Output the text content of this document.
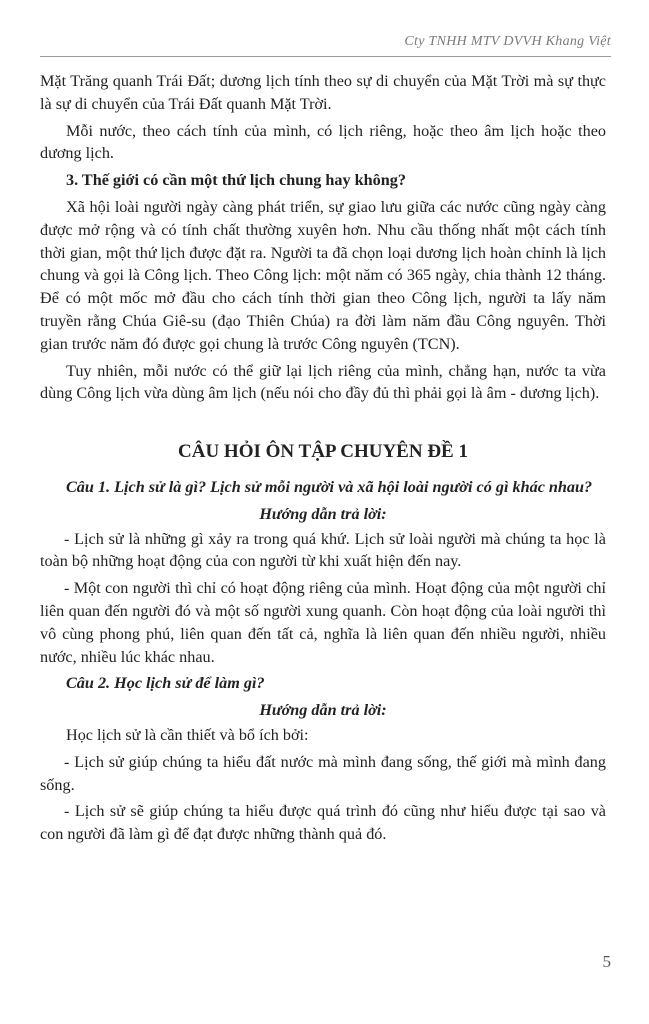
Cty TNHH MTV DVVH Khang Việt

Mặt Trăng quanh Trái Đất; dương lịch tính theo sự di chuyển của Mặt Trời mà sự thực là sự di chuyển của Trái Đất quanh Mặt Trời.

Mỗi nước, theo cách tính của mình, có lịch riêng, hoặc theo âm lịch hoặc theo dương lịch.

3. Thế giới có cần một thứ lịch chung hay không?

Xã hội loài người ngày càng phát triển, sự giao lưu giữa các nước cũng ngày càng được mở rộng và có tính chất thường xuyên hơn. Nhu cầu thống nhất một cách tính thời gian, một thứ lịch được đặt ra. Người ta đã chọn loại dương lịch hoàn chỉnh là lịch chung và gọi là Công lịch. Theo Công lịch: một năm có 365 ngày, chia thành 12 tháng. Để có một mốc mở đầu cho cách tính thời gian theo Công lịch, người ta lấy năm truyền rằng Chúa Giê-su (đạo Thiên Chúa) ra đời làm năm đầu Công nguyên. Thời gian trước năm đó được gọi chung là trước Công nguyên (TCN).

Tuy nhiên, mỗi nước có thể giữ lại lịch riêng của mình, chẳng hạn, nước ta vừa dùng Công lịch vừa dùng âm lịch (nếu nói cho đầy đủ thì phải gọi là âm - dương lịch).

CÂU HỎI ÔN TẬP CHUYÊN ĐỀ 1

Câu 1. Lịch sử là gì? Lịch sử mỗi người và xã hội loài người có gì khác nhau?

Hướng dẫn trả lời:

- Lịch sử là những gì xảy ra trong quá khứ. Lịch sử loài người mà chúng ta học là toàn bộ những hoạt động của con người từ khi xuất hiện đến nay.

- Một con người thì chỉ có hoạt động riêng của mình. Hoạt động của một người chỉ liên quan đến người đó và một số người xung quanh. Còn hoạt động của loài người thì vô cùng phong phú, liên quan đến tất cả, nghĩa là liên quan đến nhiều người, nhiều nước, nhiều lúc khác nhau.

Câu 2. Học lịch sử để làm gì?

Hướng dẫn trả lời:

Học lịch sử là cần thiết và bổ ích bởi:

- Lịch sử giúp chúng ta hiểu đất nước mà mình đang sống, thế giới mà mình đang sống.

- Lịch sử sẽ giúp chúng ta hiểu được quá trình đó cũng như hiểu được tại sao và con người đã làm gì để đạt được những thành quả đó.

5
